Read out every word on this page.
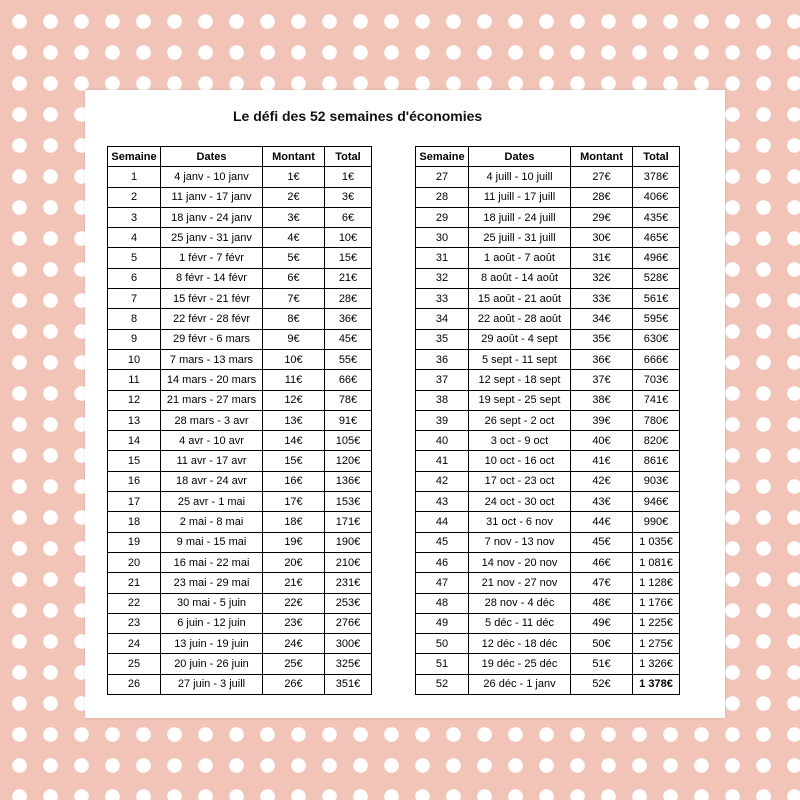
Le défi des 52 semaines d'économies
Semaine	Dates	Montant	Total
1	4 janv - 10 janv	1€	1€
2	11 janv - 17 janv	2€	3€
3	18 janv - 24 janv	3€	6€
4	25 janv - 31 janv	4€	10€
5	1 févr - 7 févr	5€	15€
6	8 févr - 14 févr	6€	21€
7	15 févr - 21 févr	7€	28€
8	22 févr - 28 févr	8€	36€
9	29 févr - 6 mars	9€	45€
10	7 mars - 13 mars	10€	55€
11	14 mars - 20 mars	11€	66€
12	21 mars - 27 mars	12€	78€
13	28 mars - 3 avr	13€	91€
14	4 avr - 10 avr	14€	105€
15	11 avr - 17 avr	15€	120€
16	18 avr - 24 avr	16€	136€
17	25 avr - 1 mai	17€	153€
18	2 mai - 8 mai	18€	171€
19	9 mai - 15 mai	19€	190€
20	16 mai - 22 mai	20€	210€
21	23 mai - 29 mai	21€	231€
22	30 mai - 5 juin	22€	253€
23	6 juin - 12 juin	23€	276€
24	13 juin - 19 juin	24€	300€
25	20 juin - 26 juin	25€	325€
26	27 juin - 3 juill	26€	351€
Semaine	Dates	Montant	Total
27	4 juill - 10 juill	27€	378€
28	11 juill - 17 juill	28€	406€
29	18 juill - 24 juill	29€	435€
30	25 juill - 31 juill	30€	465€
31	1 août - 7 août	31€	496€
32	8 août - 14 août	32€	528€
33	15 août - 21 août	33€	561€
34	22 août - 28 août	34€	595€
35	29 août - 4 sept	35€	630€
36	5 sept - 11 sept	36€	666€
37	12 sept - 18 sept	37€	703€
38	19 sept - 25 sept	38€	741€
39	26 sept - 2 oct	39€	780€
40	3 oct - 9 oct	40€	820€
41	10 oct - 16 oct	41€	861€
42	17 oct - 23 oct	42€	903€
43	24 oct - 30 oct	43€	946€
44	31 oct - 6 nov	44€	990€
45	7 nov - 13 nov	45€	1 035€
46	14 nov - 20 nov	46€	1 081€
47	21 nov - 27 nov	47€	1 128€
48	28 nov - 4 déc	48€	1 176€
49	5 déc - 11 déc	49€	1 225€
50	12 déc - 18 déc	50€	1 275€
51	19 déc - 25 déc	51€	1 326€
52	26 déc - 1 janv	52€	1 378€
